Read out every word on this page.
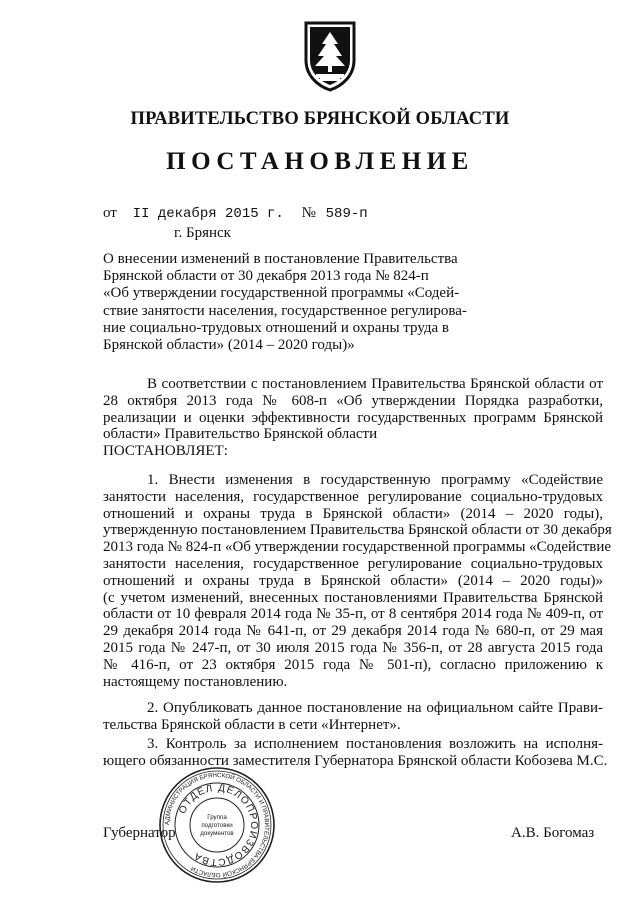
ПРАВИТЕЛЬСТВО БРЯНСКОЙ ОБЛАСТИ
ПОСТАНОВЛЕНИЕ
от II декабря 2015 г. № 589-п
г. Брянск
О внесении изменений в постановление Правительства
Брянской области от 30 декабря 2013 года № 824-п
«Об утверждении государственной программы «Содей-
ствие занятости населения, государственное регулирова-
ние социально-трудовых отношений и охраны труда в
Брянской области» (2014 – 2020 годы)»
В соответствии с постановлением Правительства Брянской области от
28 октября 2013 года № 608-п «Об утверждении Порядка разработки,
реализации и оценки эффективности государственных программ Брянской
области» Правительство Брянской области
ПОСТАНОВЛЯЕТ:
1. Внести изменения в государственную программу «Содействие
занятости населения, государственное регулирование социально-трудовых
отношений и охраны труда в Брянской области» (2014 – 2020 годы),
утвержденную постановлением Правительства Брянской области от 30 декабря
2013 года № 824-п «Об утверждении государственной программы «Содействие
занятости населения, государственное регулирование социально-трудовых
отношений и охраны труда в Брянской области» (2014 – 2020 годы)»
(с учетом изменений, внесенных постановлениями Правительства Брянской
области от 10 февраля 2014 года № 35-п, от 8 сентября 2014 года № 409-п, от
29 декабря 2014 года № 641-п, от 29 декабря 2014 года № 680-п, от 29 мая
2015 года № 247-п, от 30 июля 2015 года № 356-п, от 28 августа 2015 года
№ 416-п, от 23 октября 2015 года № 501-п), согласно приложению к
настоящему постановлению.
2. Опубликовать данное постановление на официальном сайте Прави-
тельства Брянской области в сети «Интернет».
3. Контроль за исполнением постановления возложить на исполня-
ющего обязанности заместителя Губернатора Брянской области Кобозева М.С.
Губернатор	А.В. Богомаз
АДМИНИСТРАЦИЯ БРЯНСКОЙ ОБЛАСТИ И ПРАВИТЕЛЬСТВА БРЯНСКОЙ ОБЛАСТИ
ОТДЕЛ ДЕЛОПРОИЗВОДСТВА
Группа
подготовки
документов
